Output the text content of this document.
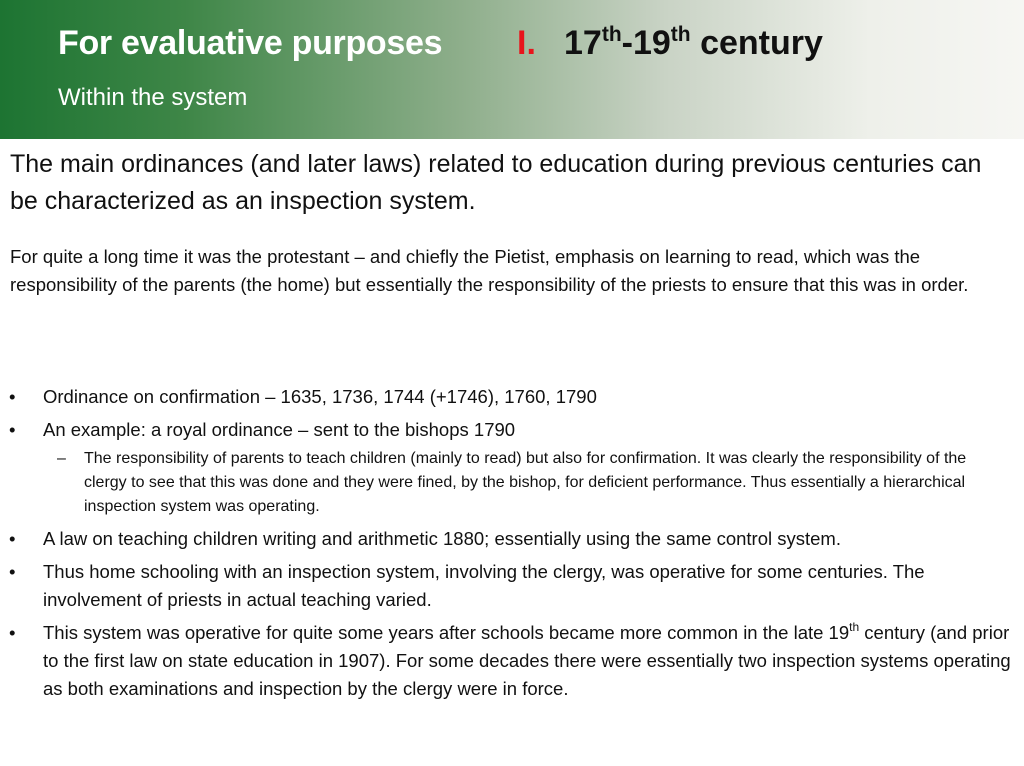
For evaluative purposes I. 17th-19th century
Within the system
The main ordinances (and later laws) related to education during previous centuries can be characterized as an inspection system.
For quite a long time it was the protestant – and chiefly the Pietist, emphasis on learning to read, which was the responsibility of the parents (the home) but essentially the responsibility of the priests to ensure that this was in order.
• Ordinance on confirmation – 1635, 1736, 1744 (+1746), 1760, 1790
• An example: a royal ordinance – sent to the bishops 1790
– The responsibility of parents to teach children (mainly to read) but also for confirmation. It was clearly the responsibility of the clergy to see that this was done and they were fined, by the bishop, for deficient performance. Thus essentially a hierarchical inspection system was operating.
• A law on teaching children writing and arithmetic 1880; essentially using the same control system.
• Thus home schooling with an inspection system, involving the clergy, was operative for some centuries. The involvement of priests in actual teaching varied.
• This system was operative for quite some years after schools became more common in the late 19th century (and prior to the first law on state education in 1907). For some decades there were essentially two inspection systems operating as both examinations and inspection by the clergy were in force.
